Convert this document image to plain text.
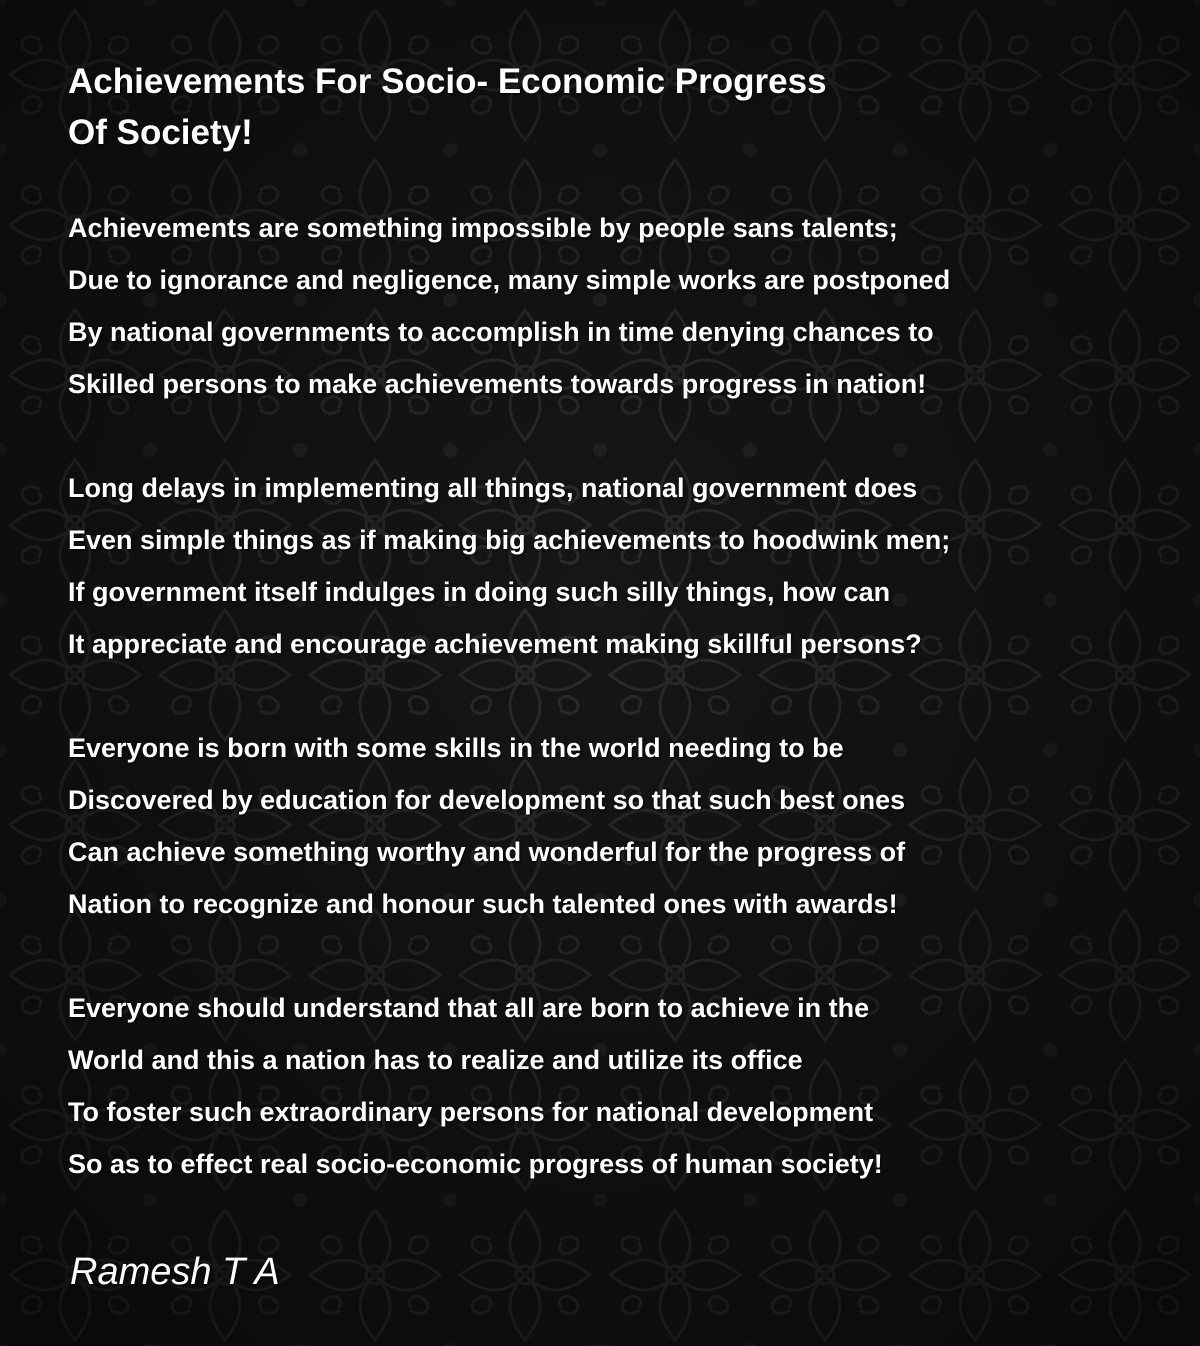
Achievements For Socio- Economic Progress
Of Society!
Achievements are something impossible by people sans talents;
Due to ignorance and negligence, many simple works are postponed
By national governments to accomplish in time denying chances to
Skilled persons to make achievements towards progress in nation!
Long delays in implementing all things, national government does
Even simple things as if making big achievements to hoodwink men;
If government itself indulges in doing such silly things, how can
It appreciate and encourage achievement making skillful persons?
Everyone is born with some skills in the world needing to be
Discovered by education for development so that such best ones
Can achieve something worthy and wonderful for the progress of
Nation to recognize and honour such talented ones with awards!
Everyone should understand that all are born to achieve in the
World and this a nation has to realize and utilize its office
To foster such extraordinary persons for national development
So as to effect real socio-economic progress of human society!
Ramesh T A
